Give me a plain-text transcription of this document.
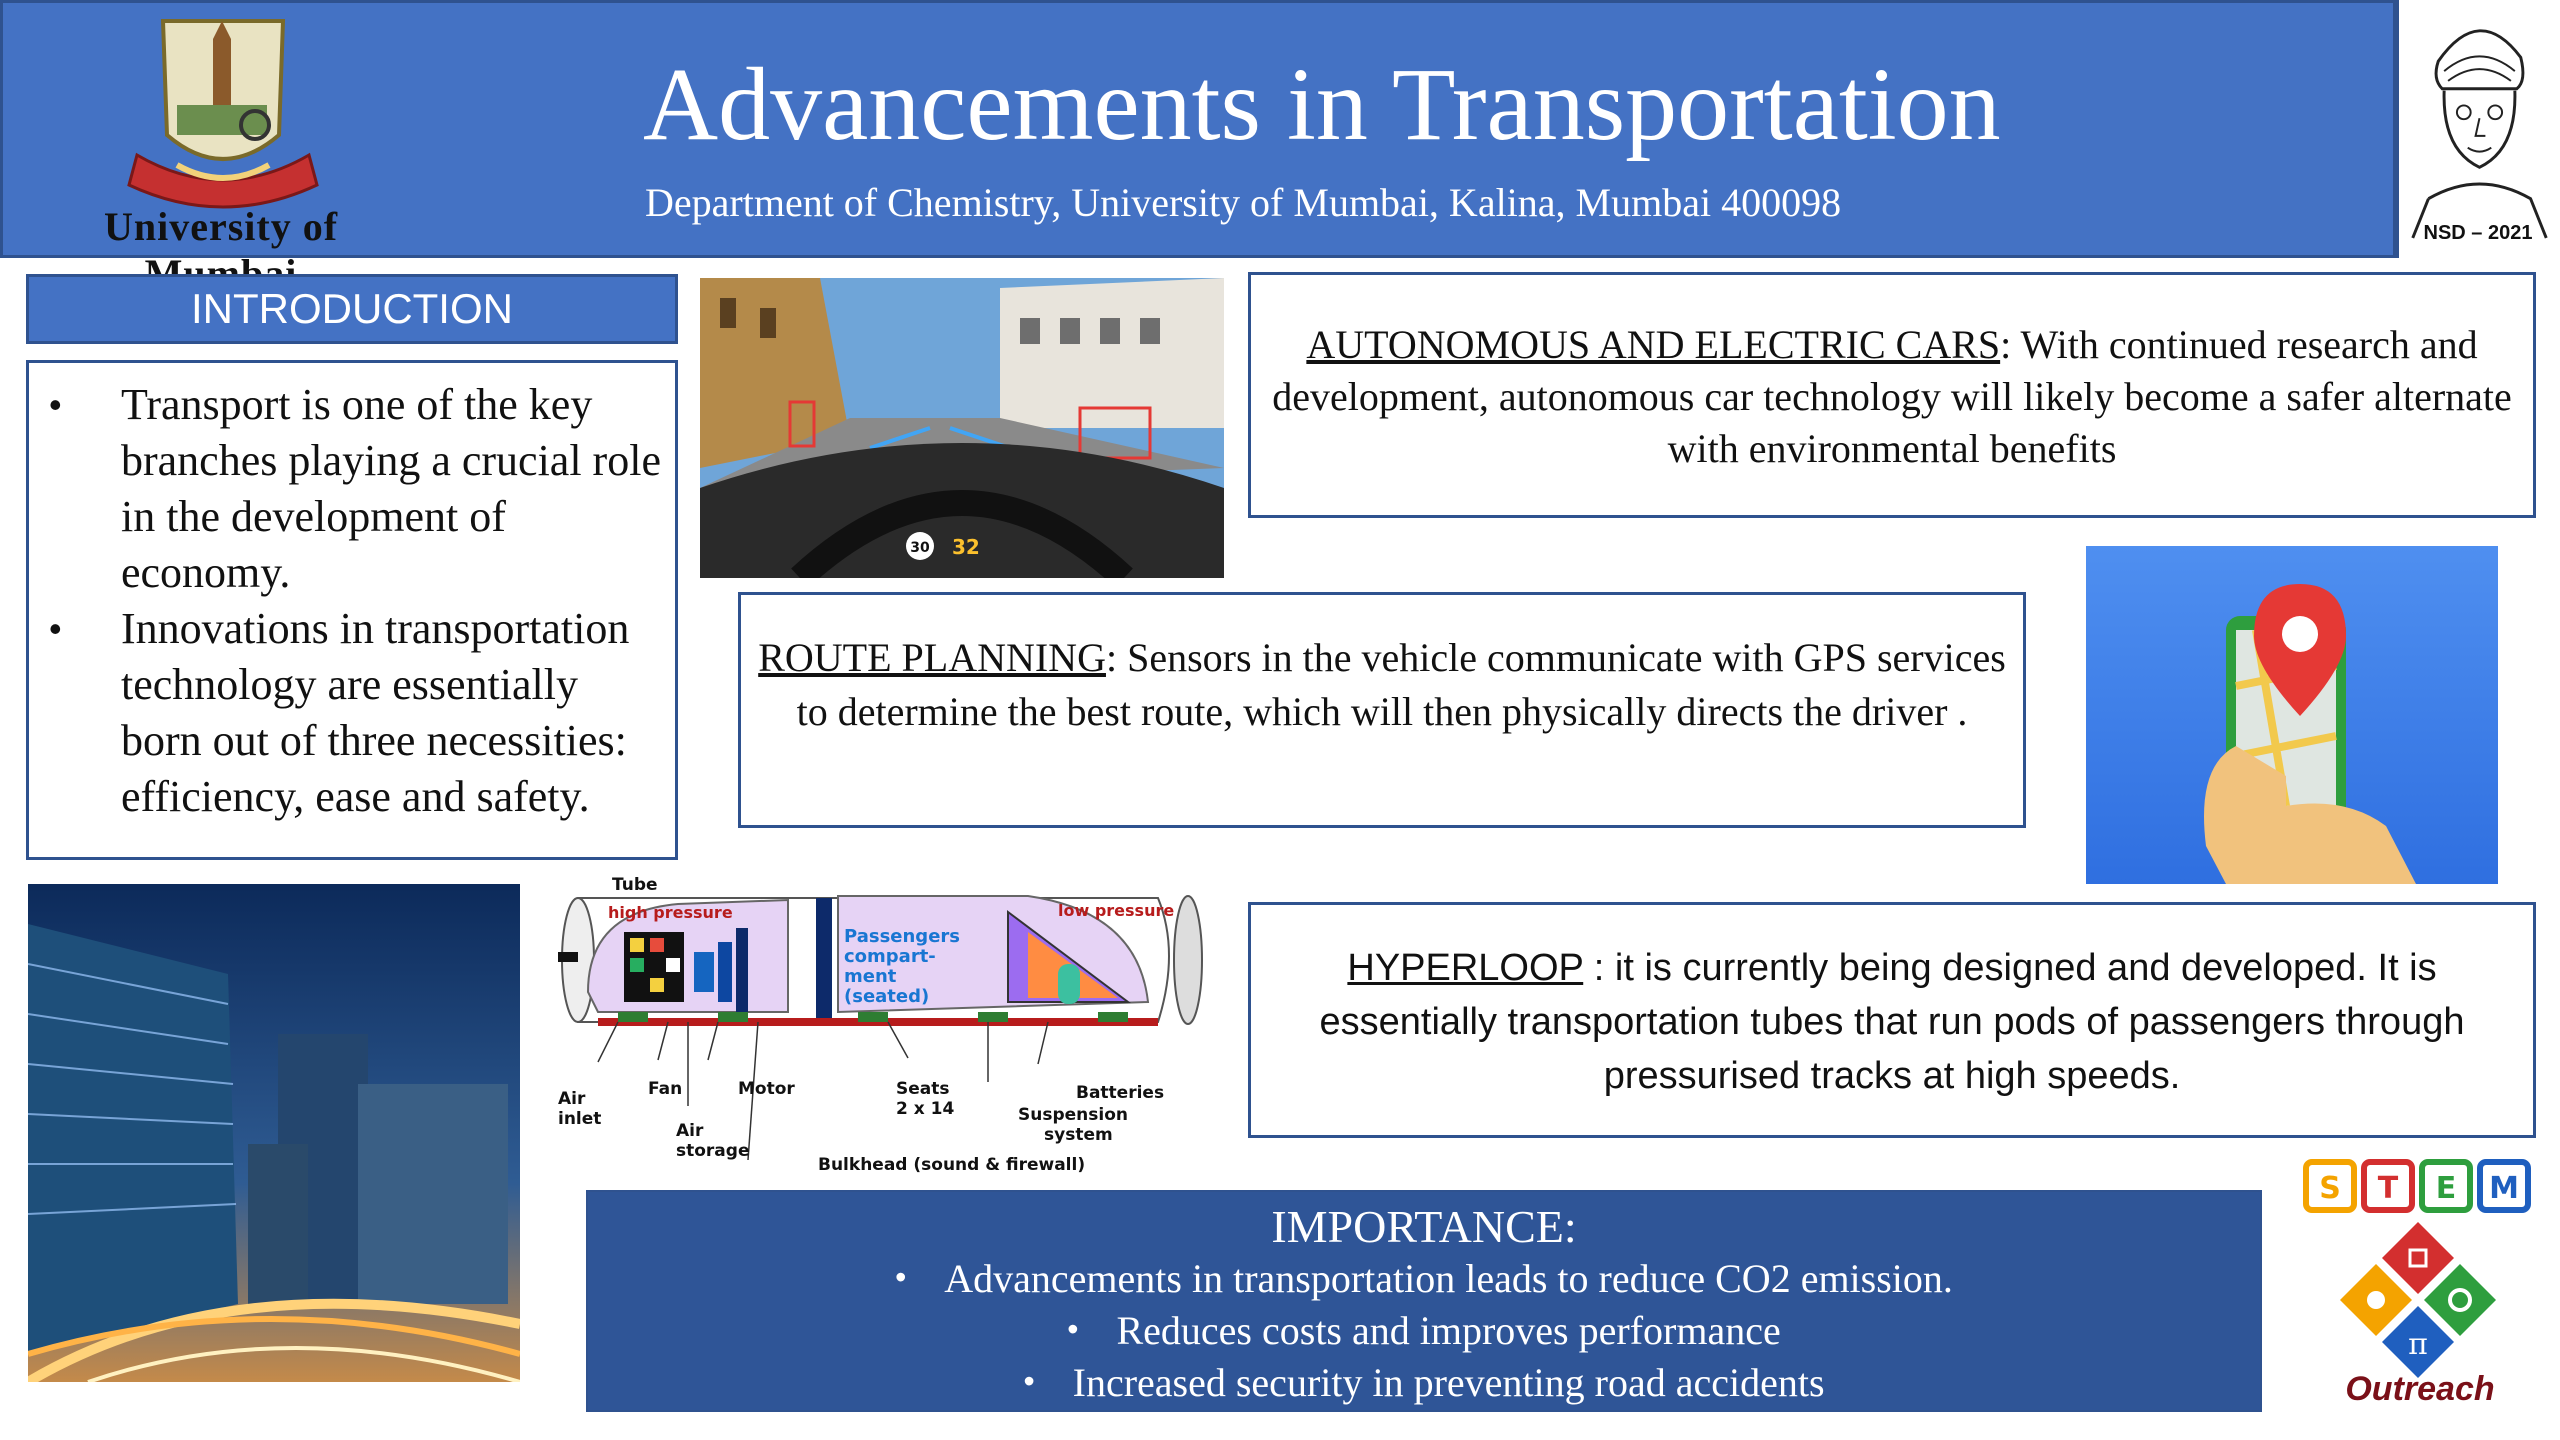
University of
Advancements in Transportation
Department of Chemistry, University of Mumbai, Kalina, Mumbai 400098
NSD – 2021
INTRODUCTION
• Transport is one of the key branches playing a crucial role in the development of economy.
• Innovations in transportation technology are essentially born out of three necessities: efficiency, ease and safety.
30 32
AUTONOMOUS AND ELECTRIC CARS: With continued research and development, autonomous car technology will likely become a safer alternate with environmental benefits
ROUTE PLANNING: Sensors in the vehicle communicate with GPS services to determine the best route, which will then physically directs the driver .
Tube
high pressure	low pressure
Passengers
compart-
ment
(seated)
Air
inlet
Fan	Motor
Air
storage
Seats
2 x 14
Batteries
Suspension
system
Bulkhead (sound & firewall)
HYPERLOOP : it is currently being designed and developed. It is essentially transportation tubes that run pods of passengers through pressurised tracks at high speeds.
IMPORTANCE:
• Advancements in transportation leads to reduce CO2 emission.
• Reduces costs and improves performance
• Increased security in preventing road accidents
S T E M
π
Outreach
